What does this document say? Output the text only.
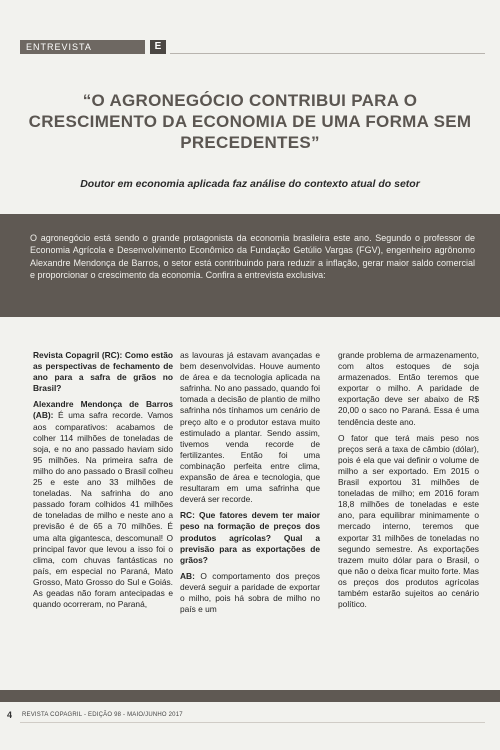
ENTREVISTA	E
“O AGRONEGÓCIO CONTRIBUI PARA O CRESCIMENTO DA ECONOMIA DE UMA FORMA SEM PRECEDENTES”
Doutor em economia aplicada faz análise do contexto atual do setor
O agronegócio está sendo o grande protagonista da economia brasileira este ano. Segundo o professor de Economia Agrícola e Desenvolvimento Econômico da Fundação Getúlio Vargas (FGV), engenheiro agrônomo Alexandre Mendonça de Barros, o setor está contribuindo para reduzir a inflação, gerar maior saldo comercial e proporcionar o crescimento da economia. Confira a entrevista exclusiva:

Revista Copagril (RC): Como estão as perspectivas de fechamento de ano para a safra de grãos no Brasil?

Alexandre Mendonça de Barros (AB): É uma safra recorde. Vamos aos comparativos: acabamos de colher 114 milhões de toneladas de soja, e no ano passado haviam sido 95 milhões. Na primeira safra de milho do ano passado o Brasil colheu 25 e este ano 33 milhões de toneladas. Na safrinha do ano passado foram colhidos 41 milhões de toneladas de milho e neste ano a previsão é de 65 a 70 milhões. É uma alta gigantesca, descomunal! O principal favor que levou a isso foi o clima, com chuvas fantásticas no país, em especial no Paraná, Mato Grosso, Mato Grosso do Sul e Goiás. As geadas não foram antecipadas e quando ocorreram, no Paraná,

as lavouras já estavam avançadas e bem desenvolvidas. Houve aumento de área e da tecnologia aplicada na safrinha. No ano passado, quando foi tomada a decisão de plantio de milho safrinha nós tínhamos um cenário de preço alto e o produtor estava muito estimulado a plantar. Sendo assim, tivemos venda recorde de fertilizantes. Então foi uma combinação perfeita entre clima, expansão de área e tecnologia, que resultaram em uma safrinha que deverá ser recorde.

RC: Que fatores devem ter maior peso na formação de preços dos produtos agrícolas? Qual a previsão para as exportações de grãos?

AB: O comportamento dos preços deverá seguir a paridade de exportar o milho, pois há sobra de milho no país e um

grande problema de armazenamento, com altos estoques de soja armazenados. Então teremos que exportar o milho. A paridade de exportação deve ser abaixo de R$ 20,00 o saco no Paraná. Essa é uma tendência deste ano.

O fator que terá mais peso nos preços será a taxa de câmbio (dólar), pois é ela que vai definir o volume de milho a ser exportado. Em 2015 o Brasil exportou 31 milhões de toneladas de milho; em 2016 foram 18,8 milhões de toneladas e este ano, para equilibrar minimamente o mercado interno, teremos que exportar 31 milhões de toneladas no segundo semestre. As exportações trazem muito dólar para o Brasil, o que não o deixa ficar muito forte. Mas os preços dos produtos agrícolas também estarão sujeitos ao cenário político.

4 REVISTA COPAGRIL - EDIÇÃO 98 - MAIO/JUNHO 2017
